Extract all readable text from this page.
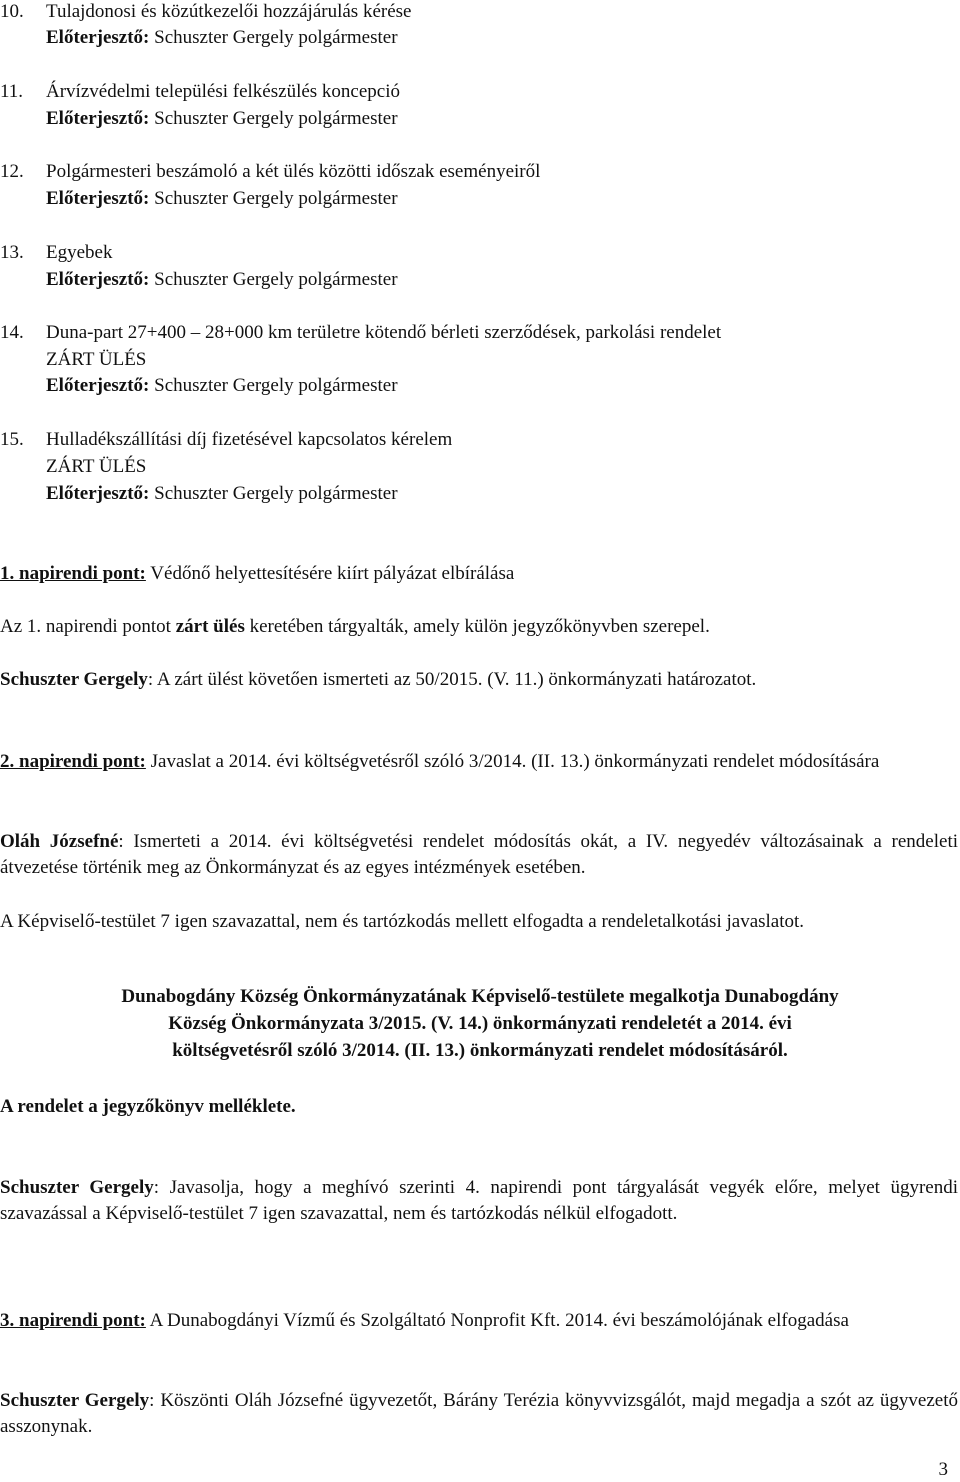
10. Tulajdonosi és közútkezelői hozzájárulás kérése
Előterjesztő: Schuszter Gergely polgármester
11. Árvízvédelmi települési felkészülés koncepció
Előterjesztő: Schuszter Gergely polgármester
12. Polgármesteri beszámoló a két ülés közötti időszak eseményeiről
Előterjesztő: Schuszter Gergely polgármester
13. Egyebek
Előterjesztő: Schuszter Gergely polgármester
14. Duna-part 27+400 – 28+000 km területre kötendő bérleti szerződések, parkolási rendelet
ZÁRT ÜLÉS
Előterjesztő: Schuszter Gergely polgármester
15. Hulladékszállítási díj fizetésével kapcsolatos kérelem
ZÁRT ÜLÉS
Előterjesztő: Schuszter Gergely polgármester
1. napirendi pont: Védőnő helyettesítésére kiírt pályázat elbírálása
Az 1. napirendi pontot zárt ülés keretében tárgyalták, amely külön jegyzőkönyvben szerepel.
Schuszter Gergely: A zárt ülést követően ismerteti az 50/2015. (V. 11.) önkormányzati határozatot.
2. napirendi pont: Javaslat a 2014. évi költségvetésről szóló 3/2014. (II. 13.) önkormányzati rendelet módosítására
Oláh Józsefné: Ismerteti a 2014. évi költségvetési rendelet módosítás okát, a IV. negyedév változásainak a rendeleti átvezetése történik meg az Önkormányzat és az egyes intézmények esetében.
A Képviselő-testület 7 igen szavazattal, nem és tartózkodás mellett elfogadta a rendeletalkotási javaslatot.
Dunabogdány Község Önkormányzatának Képviselő-testülete megalkotja Dunabogdány
Község Önkormányzata 3/2015. (V. 14.) önkormányzati rendeletét a 2014. évi
költségvetésről szóló 3/2014. (II. 13.) önkormányzati rendelet módosításáról.
A rendelet a jegyzőkönyv melléklete.
Schuszter Gergely: Javasolja, hogy a meghívó szerinti 4. napirendi pont tárgyalását vegyék előre, melyet ügyrendi szavazással a Képviselő-testület 7 igen szavazattal, nem és tartózkodás nélkül elfogadott.
3. napirendi pont: A Dunabogdányi Vízmű és Szolgáltató Nonprofit Kft. 2014. évi beszámolójának elfogadása
Schuszter Gergely: Köszönti Oláh Józsefné ügyvezetőt, Bárány Terézia könyvvizsgálót, majd megadja a szót az ügyvezető asszonynak.
3
